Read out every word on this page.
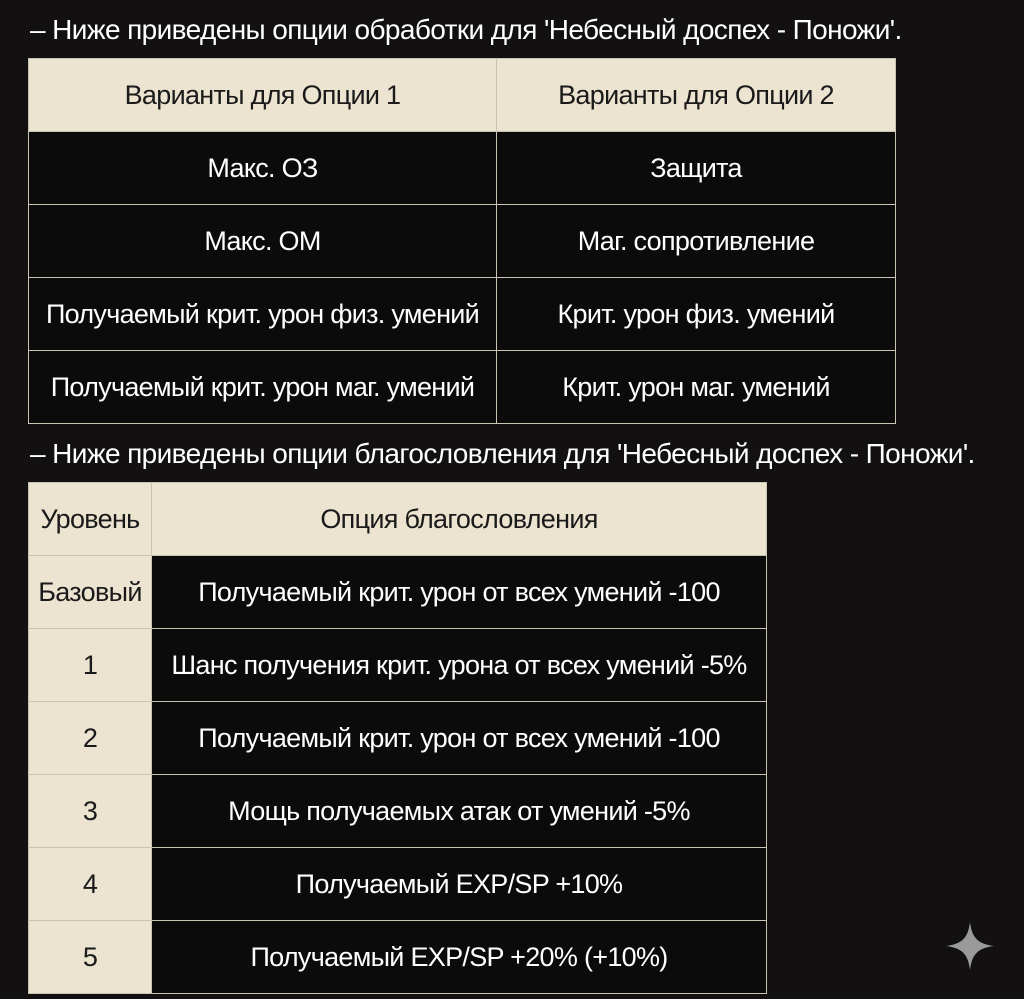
– Ниже приведены опции обработки для 'Небесный доспех - Поножи'.
Варианты для Опции 1	Варианты для Опции 2
Макс. ОЗ	Защита
Макс. ОМ	Маг. сопротивление
Получаемый крит. урон физ. умений	Крит. урон физ. умений
Получаемый крит. урон маг. умений	Крит. урон маг. умений
– Ниже приведены опции благословления для 'Небесный доспех - Поножи'.
Уровень	Опция благословления
Базовый	Получаемый крит. урон от всех умений -100
1	Шанс получения крит. урона от всех умений -5%
2	Получаемый крит. урон от всех умений -100
3	Мощь получаемых атак от умений -5%
4	Получаемый EXP/SP +10%
5	Получаемый EXP/SP +20% (+10%)
